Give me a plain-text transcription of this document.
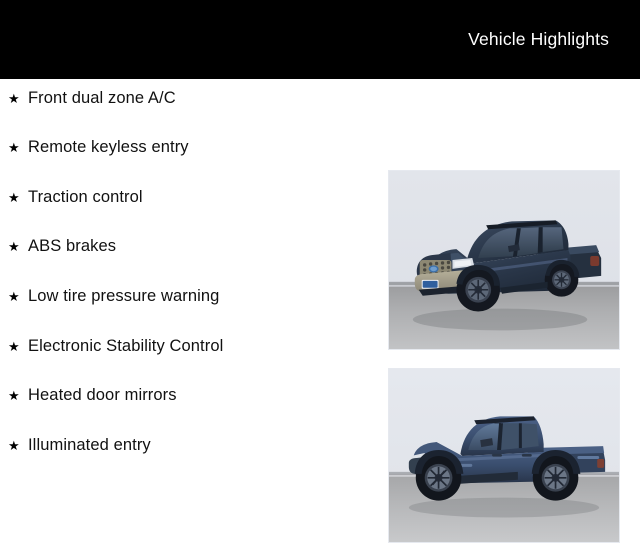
Vehicle Highlights
★ Front dual zone A/C
★ Remote keyless entry
★ Traction control
★ ABS brakes
★ Low tire pressure warning
★ Electronic Stability Control
★ Heated door mirrors
★ Illuminated entry
